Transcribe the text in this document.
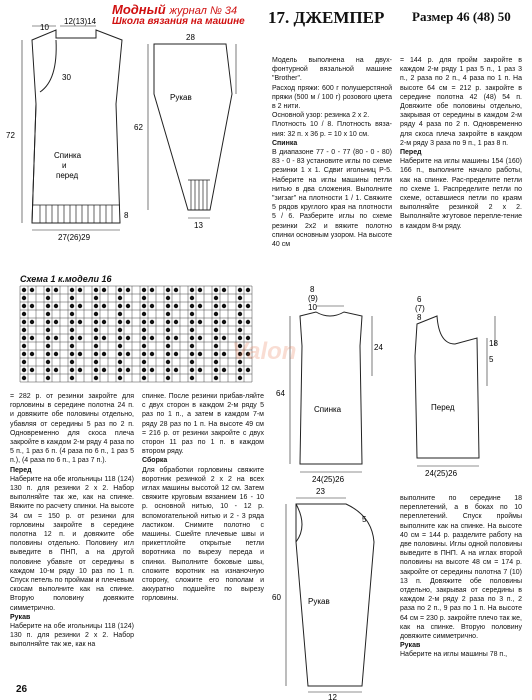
Модный журнал № 34
Школа вязания на машине	17. ДЖЕМПЕР Размер 46 (48) 50
10
12(13)14
30
72
8
27(26)29
Спинка
и
перед
28
62
13
Рукав

Модель выполнена на двух-фонтурной вязальной машине "Brother".

Расход пряжи: 600 г полушерстяной пряжи (500 м / 100 г) розового цвета в 2 нити.

Основной узор: резинка 2 х 2.

Плотность 10 / 8. Плотность вяза-ния: 32 п. х 36 р. = 10 х 10 см.

Спинка

В диапазоне 77 - 0 - 77 (80 - 0 - 80) 83 - 0 - 83 установите иглы по схеме резинки 1 х 1. Сдвиг игольниц Р-5. Наберите на иглы машины петли нитью в два сложения. Выполните "зигзаг" на плотности 1 / 1. Свяжите 5 рядов круглого края на плотности 5 / 6. Разберите иглы по схеме резинки 2х2 и вяжите полотно спинки основным узором. На высоте 40 см

= 144 р. для пройм закройте в каждом 2-м ряду 1 раз 5 п., 1 раз 3 п., 2 раза по 2 п., 4 раза по 1 п. На высоте 64 см = 212 р. закройте в середине полотна 42 (48) 54 п. Довяжите обе половины отдельно, закрывая от середины в каждом 2-м ряду 4 раза по 2 п. Одновременно для скоса плеча закройте в каждом 2-м ряду 3 раза по 9 п., 1 раз 8 п.

Перед

Наберите на иглы машины 154 (160) 166 п., выполните начало работы, как на спинке. Рас-пределите петли по схеме 1. Распределите петли по схеме, оставшиеся петли по краям выполняйте резинкой 2 х 2. Выполняйте жгутовое перепле-тение в каждом 8-м ряду.

Схема 1 к.модели 16
8
(9)
10
24
64
24(25)26
Спинка
6
(7)
8
18
5
24(25)26
Перед
Valon
23
5
60
12
Рукав

= 282 р. от резинки закройте для горловины в середине полотна 24 п. и довяжите обе половины отдельно, убавляя от середины 5 раз по 2 п. Одновременно для скоса плеча закройте в каждом 2-м ряду 4 раза по 5 п., 1 раз 6 п. (4 раза по 6 п., 1 раз 5 п.), (4 раза по 6 п., 1 раз 7 п.).

Перед

Наберите на обе игольницы 118 (124) 130 п. для резинки 2 х 2. Набор выполняйте так же, как на спинке. Вяжите по расчету спинки. На высоте 34 см = 150 р. от резинки для горловины закройте в середине полотна 12 п. и довяжите обе половины отдельно. Половину игл выведите в ПНП, а на другой половине убавьте от середины в каждом 10-м ряду 10 раз по 1 п. Спуск петель по проймам и плечевым скосам выполните как на спинке. Вторую половину довяжите симметрично.

Рукав

Наберите на обе игольницы 118 (124) 130 п. для резинки 2 х 2. Набор выполняйте так же, как на

спинке. После резинки прибав-ляйте с двух сторон в каждом 2-м ряду 5 раз по 1 п., а затем в каждом 7-м ряду 28 раз по 1 п. На высоте 49 см = 216 р. от резинки закройте с двух сторон 11 раз по 1 п. в каждом втором ряду.

Сборка

Для обработки горловины свяжите воротник резинкой 2 х 2 на всех иглах машины высотой 12 см. Затем свяжите круговым вязанием 16 - 10 р. основной нитью, 10 - 12 р. вспомогательной нитью и 2 - 3 ряда ластиком. Снимите полотно с машины. Сшейте плечевые швы и прикеттлойте открытые петли воротника по вырезу переда и спинки. Выполните боковые швы, сложите воротник на изнаночную сторону, сложите его пополам и аккуратно подшейте по вырезу горловины.

выполните по середине 18 переплетений, а в боках по 10 переплетений. Спуск проймы выполните как на спинке. На высоте 40 см = 144 р. разделите работу на две половины. Иглы одной половины выведите в ПНП. А на иглах второй половины на высоте 48 см = 174 р. закройте от середины полотна 7 (10) 13 п. Довяжите обе половины отдельно, закрывая от середины в каждом 2-м ряду 2 раза по 3 п., 2 раза по 2 п., 9 раз по 1 п. На высоте 64 см = 230 р. закройте плечо так же, как на спинке. Вторую половину довяжите симметрично.

Рукав

Наберите на иглы машины 78 п.,

26
